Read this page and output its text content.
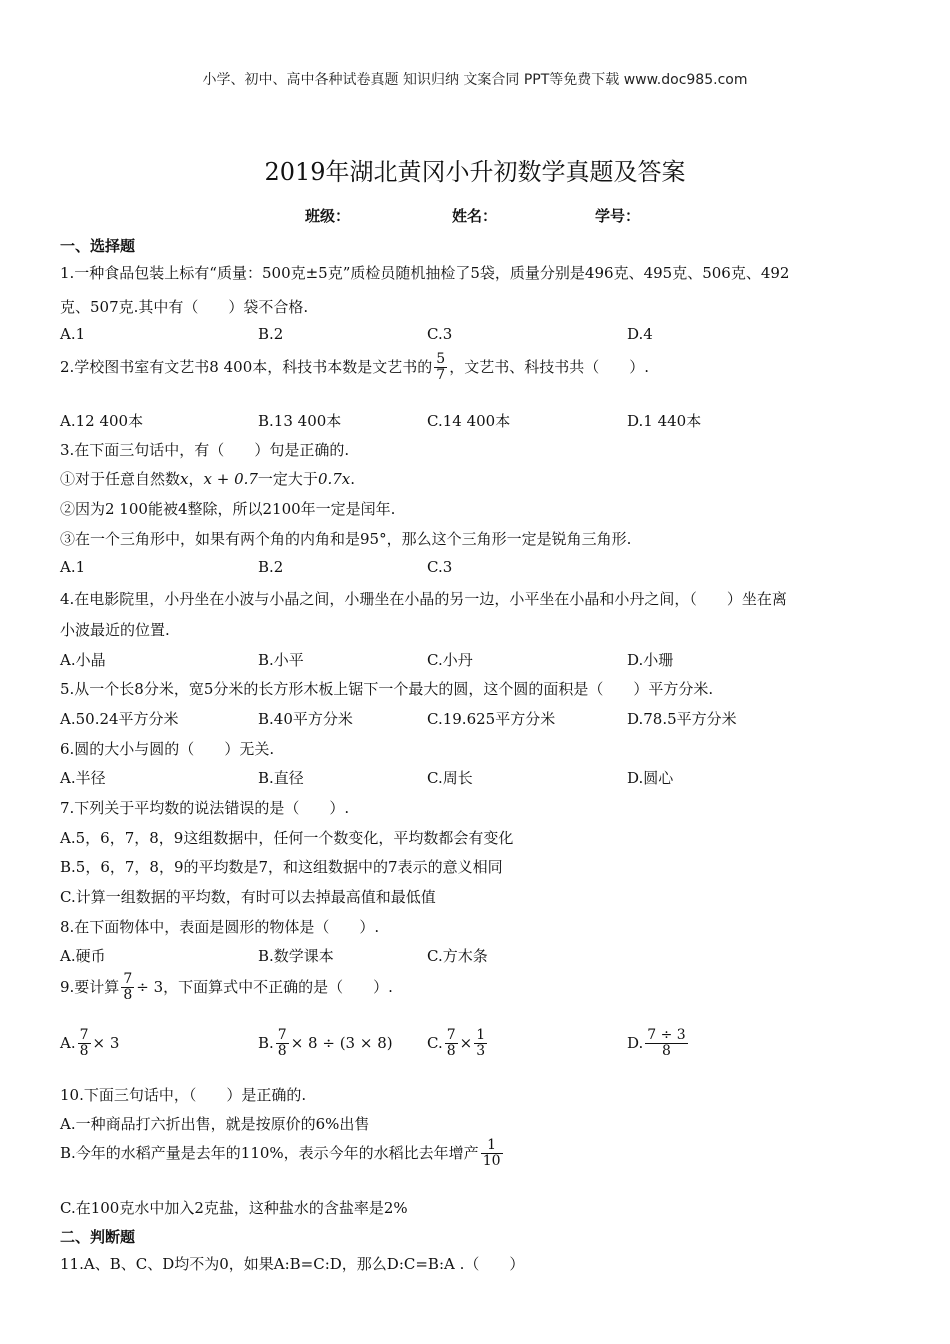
小学、初中、高中各种试卷真题 知识归纳 文案合同 PPT等免费下载 www.doc985.com
2019年湖北黄冈小升初数学真题及答案
班级：	姓名：	学号：
一、选择题
1.一种食品包装上标有“质量：500克±5克”质检员随机抽检了5袋，质量分别是496克、495克、506克、492
克、507克.其中有（　　）袋不合格.
A.1	B.2	C.3	D.4
2.学校图书室有文艺书8 400本，科技书本数是文艺书的 $\frac{5}{7}$ ，文艺书、科技书共（　　）.
A.12 400本	B.13 400本	C.14 400本	D.1 440本
3.在下面三句话中，有（　　）句是正确的.
①对于任意自然数x，x + 0.7一定大于0.7x.
②因为2 100能被4整除，所以2100年一定是闰年.
③在一个三角形中，如果有两个角的内角和是95°，那么这个三角形一定是锐角三角形.
A.1	B.2	C.3
4.在电影院里，小丹坐在小波与小晶之间，小珊坐在小晶的另一边，小平坐在小晶和小丹之间，（　　）坐在离
小波最近的位置.
A.小晶	B.小平	C.小丹	D.小珊
5.从一个长8分米，宽5分米的长方形木板上锯下一个最大的圆，这个圆的面积是（　　）平方分米.
A.50.24平方分米	B.40平方分米	C.19.625平方分米	D.78.5平方分米
6.圆的大小与圆的（　　）无关.
A.半径	B.直径	C.周长	D.圆心
7.下列关于平均数的说法错误的是（　　）.
A.5，6，7，8，9这组数据中，任何一个数变化，平均数都会有变化
B.5，6，7，8，9的平均数是7，和这组数据中的7表示的意义相同
C.计算一组数据的平均数，有时可以去掉最高值和最低值
8.在下面物体中，表面是圆形的物体是（　　）.
A.硬币	B.数学课本	C.方木条
9.要计算 $\frac{7}{8} \div 3$，下面算式中不正确的是（　　）.
A. $\frac{7}{8} \times 3$	B. $\frac{7}{8} \times 8 \div (3 \times 8)$ C. $\frac{7}{8} \times \frac{1}{3}$	D. $\frac{7 \div 3}{8}$
10.下面三句话中，（　　）是正确的.
A.一种商品打六折出售，就是按原价的6%出售
B.今年的水稻产量是去年的110%，表示今年的水稻比去年增产 $\frac{1}{10}$
C.在100克水中加入2克盐，这种盐水的含盐率是2%
二、判断题
11.A、B、C、D均不为0，如果A:B=C:D，那么D:C=B:A .（　　）
